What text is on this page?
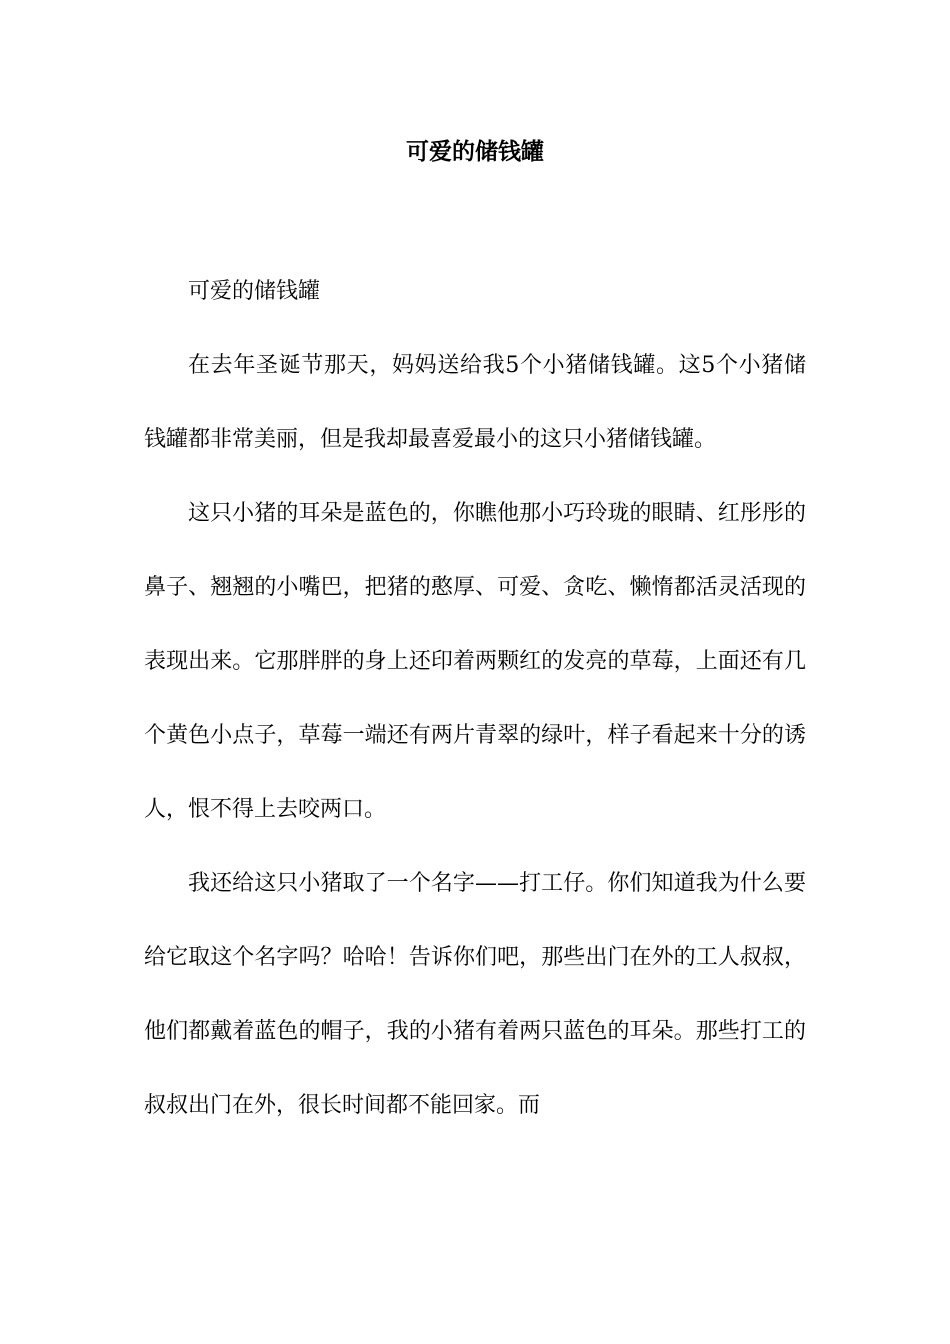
可爱的储钱罐

可爱的储钱罐

在去年圣诞节那天，妈妈送给我5个小猪储钱罐。这5个小猪储钱罐都非常美丽，但是我却最喜爱最小的这只小猪储钱罐。

这只小猪的耳朵是蓝色的，你瞧他那小巧玲珑的眼睛、红彤彤的鼻子、翘翘的小嘴巴，把猪的憨厚、可爱、贪吃、懒惰都活灵活现的表现出来。它那胖胖的身上还印着两颗红的发亮的草莓，上面还有几个黄色小点子，草莓一端还有两片青翠的绿叶，样子看起来十分的诱人，恨不得上去咬两口。

我还给这只小猪取了一个名字——打工仔。你们知道我为什么要给它取这个名字吗？哈哈！告诉你们吧，那些出门在外的工人叔叔，他们都戴着蓝色的帽子，我的小猪有着两只蓝色的耳朵。那些打工的叔叔出门在外，很长时间都不能回家。而
